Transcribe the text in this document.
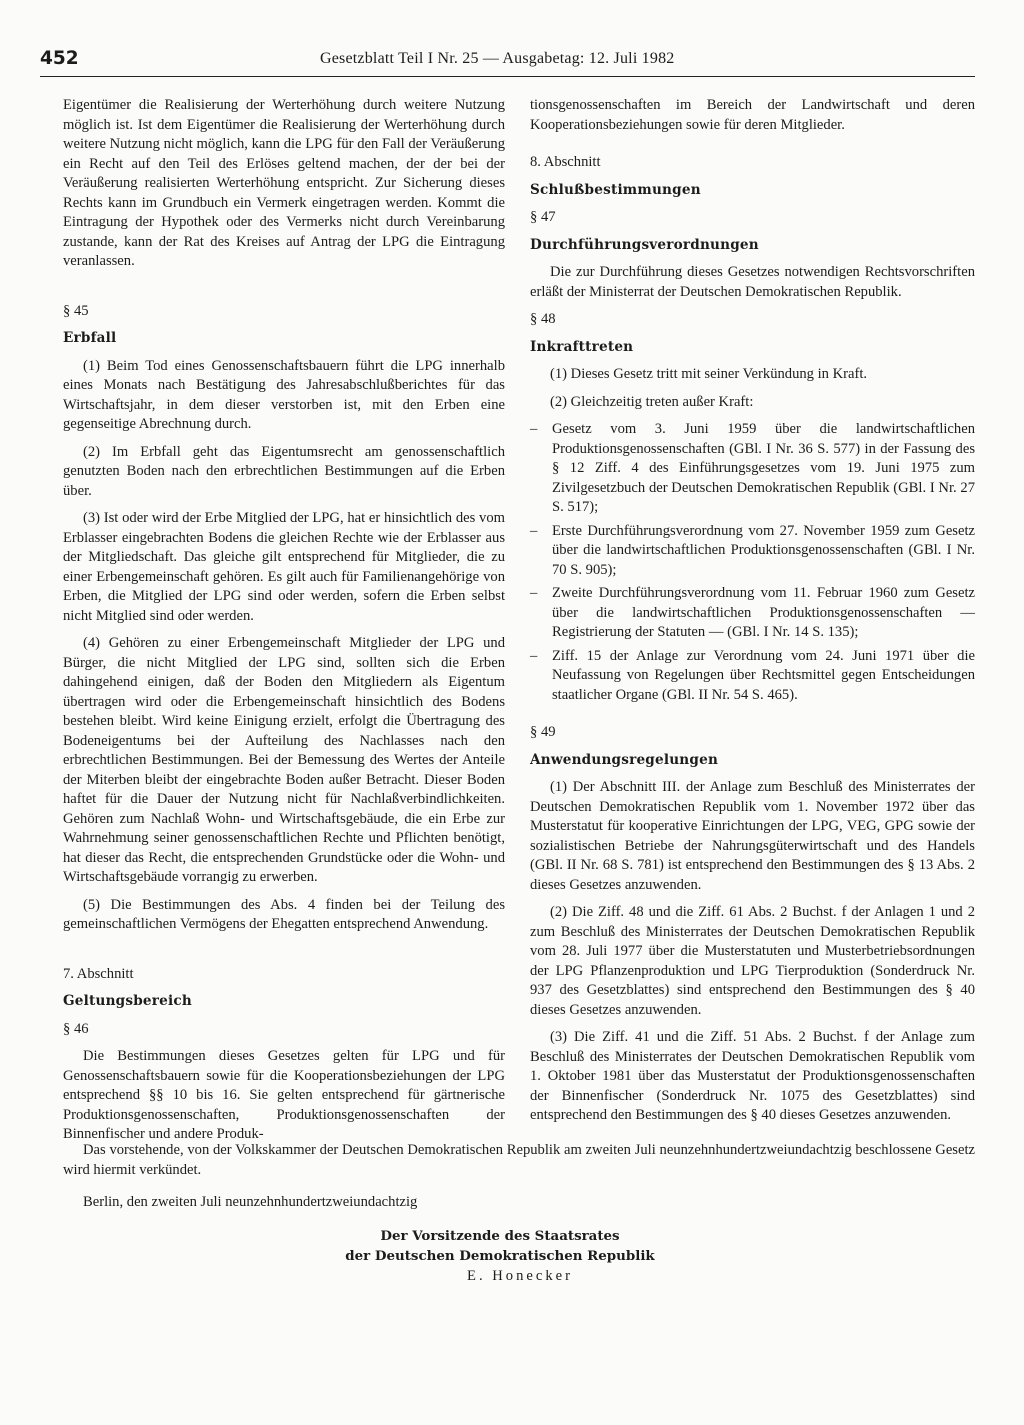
452	Gesetzblatt Teil I Nr. 25 — Ausgabetag: 12. Juli 1982

Eigentümer die Realisierung der Werterhöhung durch weitere Nutzung möglich ist. Ist dem Eigentümer die Realisierung der Werterhöhung durch weitere Nutzung nicht möglich, kann die LPG für den Fall der Veräußerung ein Recht auf den Teil des Erlöses geltend machen, der der bei der Veräußerung realisierten Werterhöhung entspricht. Zur Sicherung dieses Rechts kann im Grundbuch ein Vermerk eingetragen werden. Kommt die Eintragung der Hypothek oder des Vermerks nicht durch Vereinbarung zustande, kann der Rat des Kreises auf Antrag der LPG die Eintragung veranlassen.

§ 45

Erbfall

(1) Beim Tod eines Genossenschaftsbauern führt die LPG innerhalb eines Monats nach Bestätigung des Jahresabschlußberichtes für das Wirtschaftsjahr, in dem dieser verstorben ist, mit den Erben eine gegenseitige Abrechnung durch.

(2) Im Erbfall geht das Eigentumsrecht am genossenschaftlich genutzten Boden nach den erbrechtlichen Bestimmungen auf die Erben über.

(3) Ist oder wird der Erbe Mitglied der LPG, hat er hinsichtlich des vom Erblasser eingebrachten Bodens die gleichen Rechte wie der Erblasser aus der Mitgliedschaft. Das gleiche gilt entsprechend für Mitglieder, die zu einer Erbengemeinschaft gehören. Es gilt auch für Familienangehörige von Erben, die Mitglied der LPG sind oder werden, sofern die Erben selbst nicht Mitglied sind oder werden.

(4) Gehören zu einer Erbengemeinschaft Mitglieder der LPG und Bürger, die nicht Mitglied der LPG sind, sollten sich die Erben dahingehend einigen, daß der Boden den Mitgliedern als Eigentum übertragen wird oder die Erbengemeinschaft hinsichtlich des Bodens bestehen bleibt. Wird keine Einigung erzielt, erfolgt die Übertragung des Bodeneigentums bei der Aufteilung des Nachlasses nach den erbrechtlichen Bestimmungen. Bei der Bemessung des Wertes der Anteile der Miterben bleibt der eingebrachte Boden außer Betracht. Dieser Boden haftet für die Dauer der Nutzung nicht für Nachlaßverbindlichkeiten. Gehören zum Nachlaß Wohn- und Wirtschaftsgebäude, die ein Erbe zur Wahrnehmung seiner genossenschaftlichen Rechte und Pflichten benötigt, hat dieser das Recht, die entsprechenden Grundstücke oder die Wohn- und Wirtschaftsgebäude vorrangig zu erwerben.

(5) Die Bestimmungen des Abs. 4 finden bei der Teilung des gemeinschaftlichen Vermögens der Ehegatten entsprechend Anwendung.

7. Abschnitt

Geltungsbereich

§ 46

Die Bestimmungen dieses Gesetzes gelten für LPG und für Genossenschaftsbauern sowie für die Kooperationsbeziehungen der LPG entsprechend §§ 10 bis 16. Sie gelten entsprechend für gärtnerische Produktionsgenossenschaften, Produktionsgenossenschaften der Binnenfischer und andere Produk-

tionsgenossenschaften im Bereich der Landwirtschaft und deren Kooperationsbeziehungen sowie für deren Mitglieder.

8. Abschnitt

Schlußbestimmungen

§ 47

Durchführungsverordnungen

Die zur Durchführung dieses Gesetzes notwendigen Rechtsvorschriften erläßt der Ministerrat der Deutschen Demokratischen Republik.

§ 48

Inkrafttreten

(1) Dieses Gesetz tritt mit seiner Verkündung in Kraft.

(2) Gleichzeitig treten außer Kraft:

– Gesetz vom 3. Juni 1959 über die landwirtschaftlichen Produktionsgenossenschaften (GBl. I Nr. 36 S. 577) in der Fassung des § 12 Ziff. 4 des Einführungsgesetzes vom 19. Juni 1975 zum Zivilgesetzbuch der Deutschen Demokratischen Republik (GBl. I Nr. 27 S. 517);
– Erste Durchführungsverordnung vom 27. November 1959 zum Gesetz über die landwirtschaftlichen Produktionsgenossenschaften (GBl. I Nr. 70 S. 905);
– Zweite Durchführungsverordnung vom 11. Februar 1960 zum Gesetz über die landwirtschaftlichen Produktionsgenossenschaften — Registrierung der Statuten — (GBl. I Nr. 14 S. 135);
– Ziff. 15 der Anlage zur Verordnung vom 24. Juni 1971 über die Neufassung von Regelungen über Rechtsmittel gegen Entscheidungen staatlicher Organe (GBl. II Nr. 54 S. 465).

§ 49

Anwendungsregelungen

(1) Der Abschnitt III. der Anlage zum Beschluß des Ministerrates der Deutschen Demokratischen Republik vom 1. November 1972 über das Musterstatut für kooperative Einrichtungen der LPG, VEG, GPG sowie der sozialistischen Betriebe der Nahrungsgüterwirtschaft und des Handels (GBl. II Nr. 68 S. 781) ist entsprechend den Bestimmungen des § 13 Abs. 2 dieses Gesetzes anzuwenden.

(2) Die Ziff. 48 und die Ziff. 61 Abs. 2 Buchst. f der Anlagen 1 und 2 zum Beschluß des Ministerrates der Deutschen Demokratischen Republik vom 28. Juli 1977 über die Musterstatuten und Musterbetriebsordnungen der LPG Pflanzenproduktion und LPG Tierproduktion (Sonderdruck Nr. 937 des Gesetzblattes) sind entsprechend den Bestimmungen des § 40 dieses Gesetzes anzuwenden.

(3) Die Ziff. 41 und die Ziff. 51 Abs. 2 Buchst. f der Anlage zum Beschluß des Ministerrates der Deutschen Demokratischen Republik vom 1. Oktober 1981 über das Musterstatut der Produktionsgenossenschaften der Binnenfischer (Sonderdruck Nr. 1075 des Gesetzblattes) sind entsprechend den Bestimmungen des § 40 dieses Gesetzes anzuwenden.

Das vorstehende, von der Volkskammer der Deutschen Demokratischen Republik am zweiten Juli neunzehnhundertzweiundachtzig beschlossene Gesetz wird hiermit verkündet.

Berlin, den zweiten Juli neunzehnhundertzweiundachtzig

Der Vorsitzende des Staatsrates
der Deutschen Demokratischen Republik
E. Honecker
